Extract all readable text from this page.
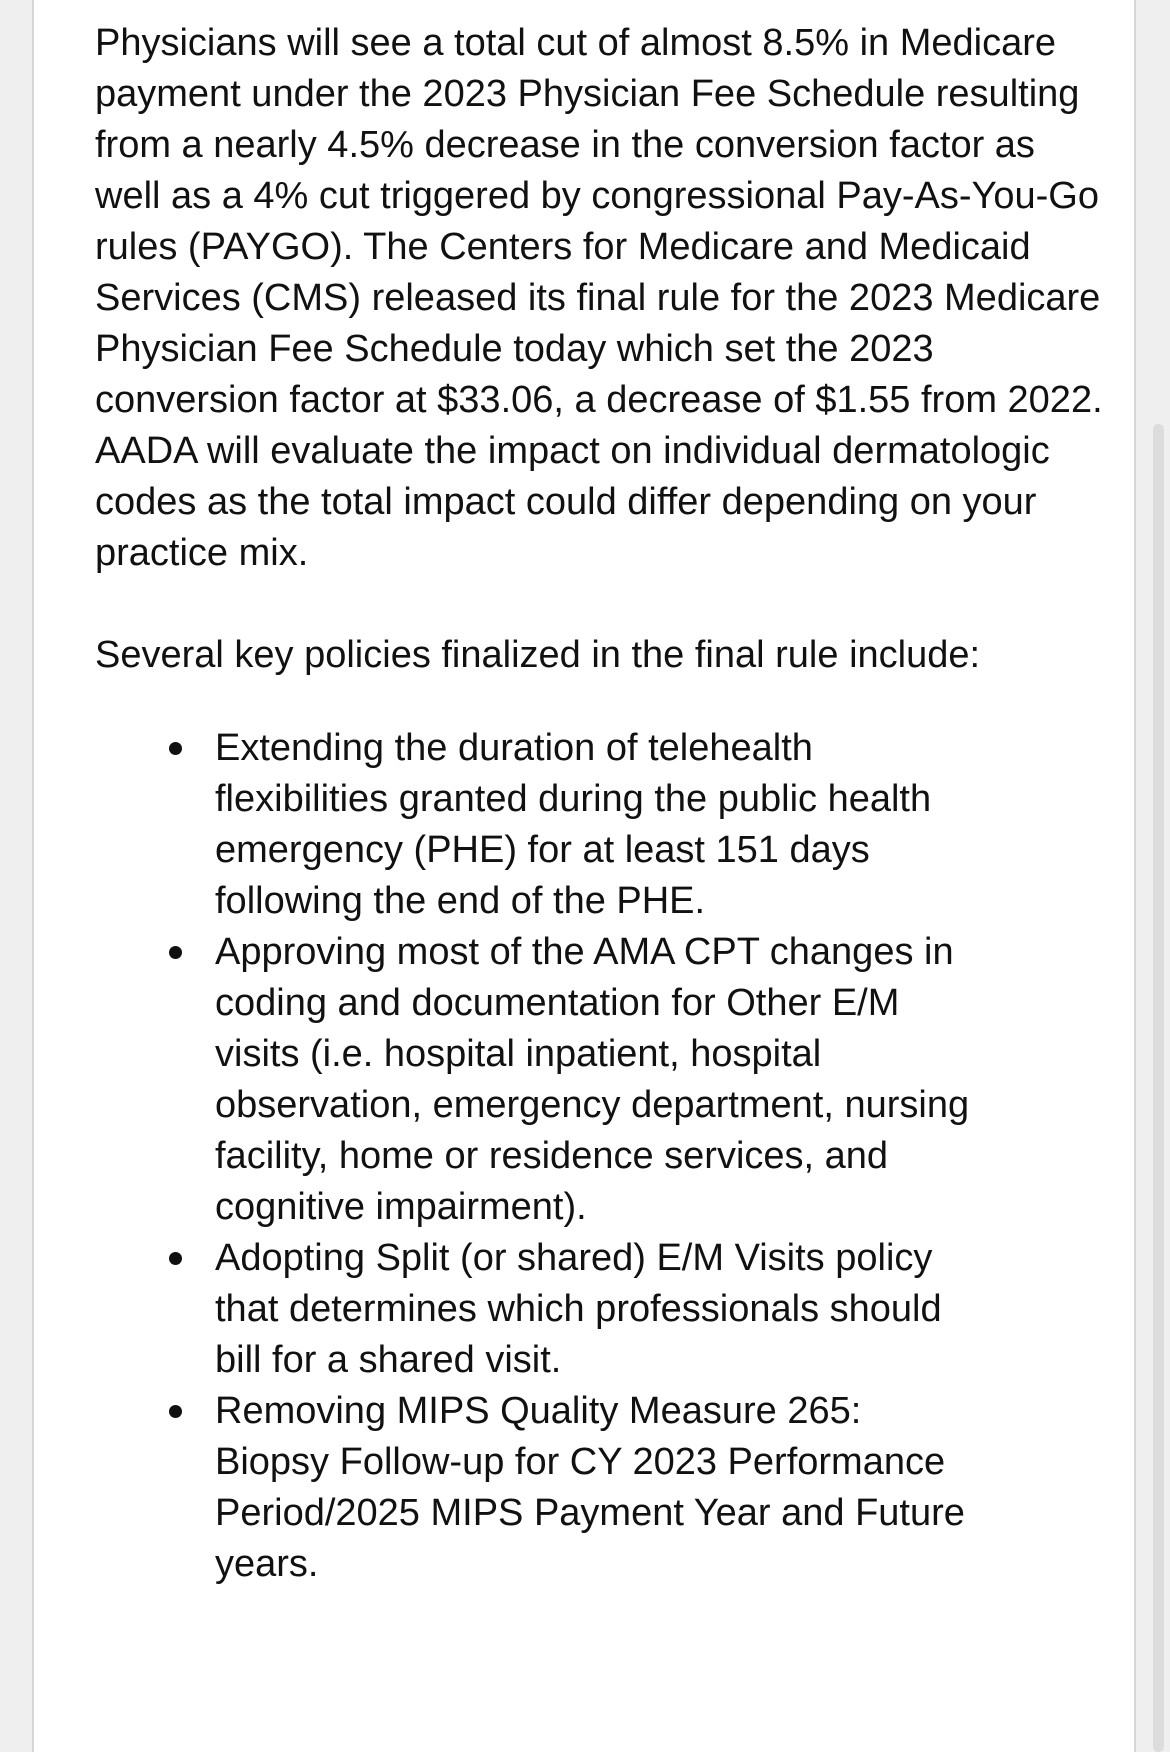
Physicians will see a total cut of almost 8.5% in Medicare payment under the 2023 Physician Fee Schedule resulting from a nearly 4.5% decrease in the conversion factor as well as a 4% cut triggered by congressional Pay-As-You-Go rules (PAYGO). The Centers for Medicare and Medicaid Services (CMS) released its final rule for the 2023 Medicare Physician Fee Schedule today which set the 2023 conversion factor at $33.06, a decrease of $1.55 from 2022. AADA will evaluate the impact on individual dermatologic codes as the total impact could differ depending on your practice mix.

Several key policies finalized in the final rule include:

Extending the duration of telehealth flexibilities granted during the public health emergency (PHE) for at least 151 days following the end of the PHE.
Approving most of the AMA CPT changes in coding and documentation for Other E/M visits (i.e. hospital inpatient, hospital observation, emergency department, nursing facility, home or residence services, and cognitive impairment).
Adopting Split (or shared) E/M Visits policy that determines which professionals should bill for a shared visit.
Removing MIPS Quality Measure 265: Biopsy Follow-up for CY 2023 Performance Period/2025 MIPS Payment Year and Future years.
